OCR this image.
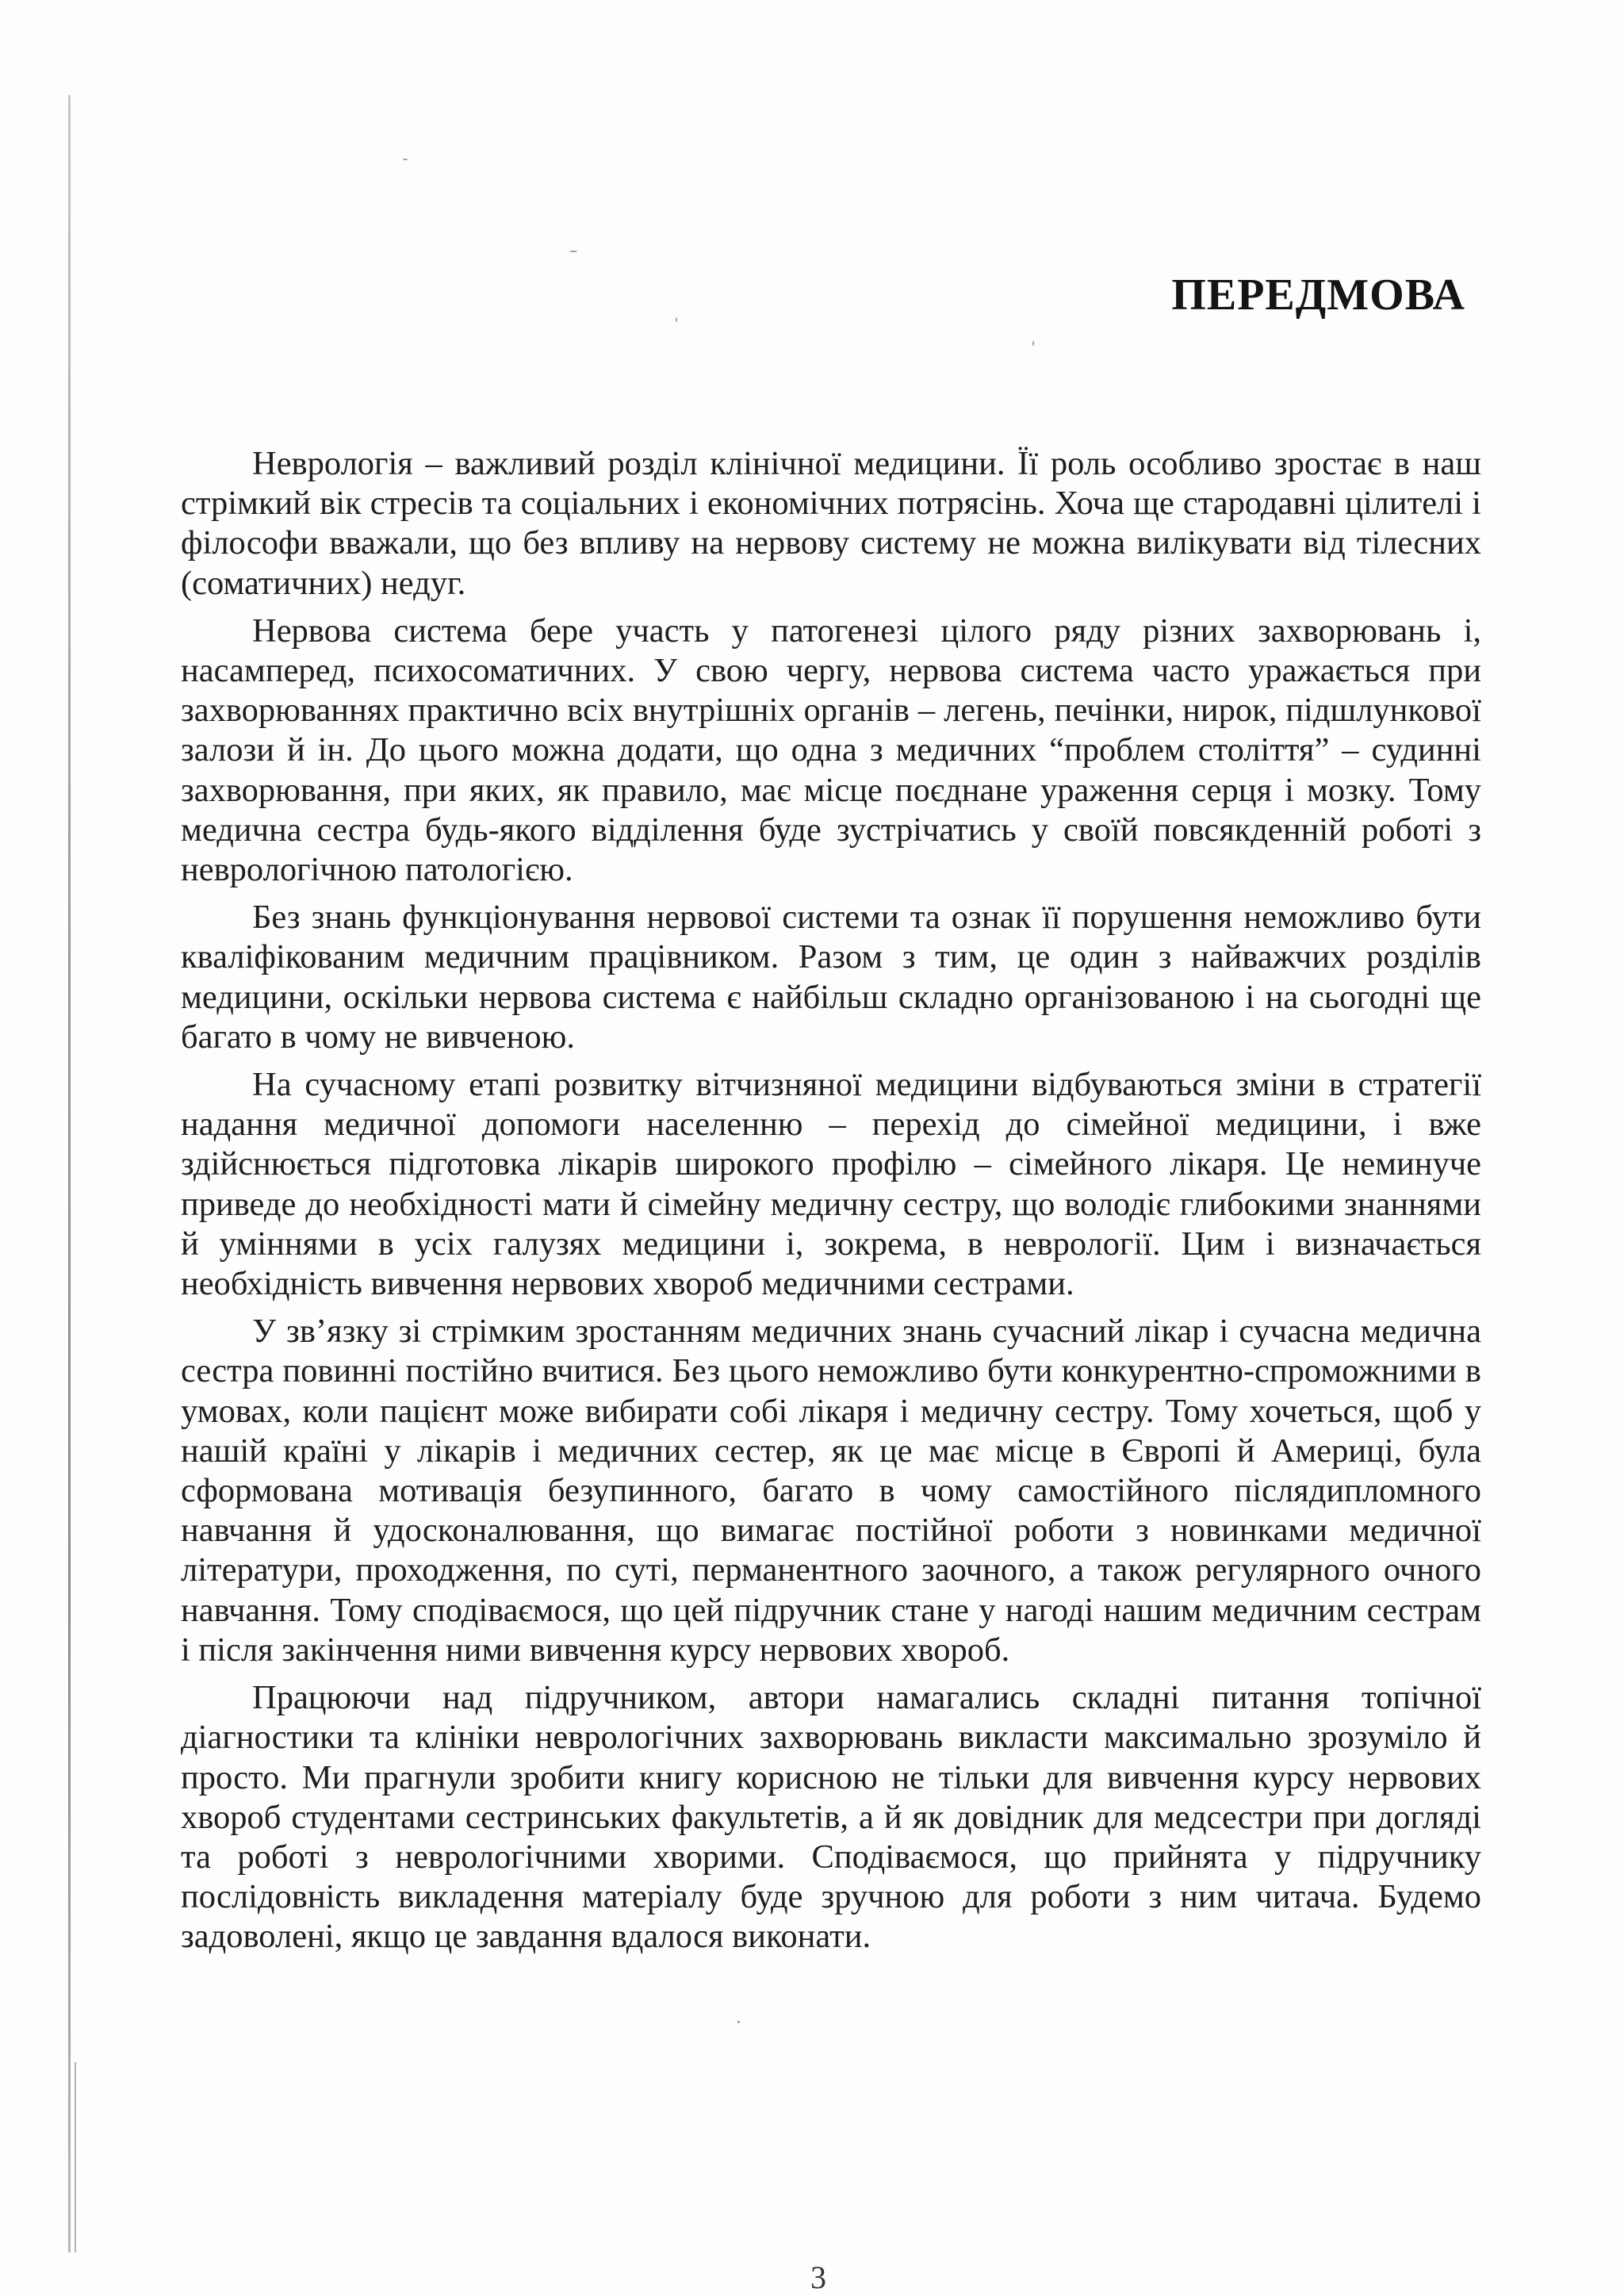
ПЕРЕДМОВА

Неврологія – важливий розділ клінічної медицини. Її роль особливо зростає в наш стрімкий вік стресів та соціальних і економічних потрясінь. Хоча ще стародавні цілителі і філософи вважали, що без впливу на нервову систему не можна вилікувати від тілесних (соматичних) недуг.

Нервова система бере участь у патогенезі цілого ряду різних захворювань і, насамперед, психосоматичних. У свою чергу, нервова система часто уражається при захворюваннях практично всіх внутрішніх органів – легень, печінки, нирок, підшлункової залози й ін. До цього можна додати, що одна з медичних “проблем століття” – судинні захворювання, при яких, як правило, має місце поєднане ураження серця і мозку. Тому медична сестра будь-якого відділення буде зустрічатись у своїй повсякденній роботі з неврологічною патологією.

Без знань функціонування нервової системи та ознак її порушення неможливо бути кваліфікованим медичним працівником. Разом з тим, це один з найважчих розділів медицини, оскільки нервова система є найбільш складно організованою і на сьогодні ще багато в чому не вивченою.

На сучасному етапі розвитку вітчизняної медицини відбуваються зміни в стратегії надання медичної допомоги населенню – перехід до сімейної медицини, і вже здійснюється підготовка лікарів широкого профілю – сімейного лікаря. Це неминуче приведе до необхідності мати й сімейну медичну сестру, що володіє глибокими знаннями й уміннями в усіх галузях медицини і, зокрема, в неврології. Цим і визначається необхідність вивчення нервових хвороб медичними сестрами.

У зв’язку зі стрімким зростанням медичних знань сучасний лікар і сучасна медична сестра повинні постійно вчитися. Без цього неможливо бути конкурентно-спроможними в умовах, коли пацієнт може вибирати собі лікаря і медичну сестру. Тому хочеться, щоб у нашій країні у лікарів і медичних сестер, як це має місце в Європі й Америці, була сформована мотивація безупинного, багато в чому самостійного післядипломного навчання й удосконалювання, що вимагає постійної роботи з новинками медичної літератури, проходження, по суті, перманентного заочного, а також регулярного очного навчання. Тому сподіваємося, що цей підручник стане у нагоді нашим медичним сестрам і після закінчення ними вивчення курсу нервових хвороб.

Працюючи над підручником, автори намагались складні питання топічної діагностики та клініки неврологічних захворювань викласти максимально зрозуміло й просто. Ми прагнули зробити книгу корисною не тільки для вивчення курсу нервових хвороб студентами сестринських факультетів, а й як довідник для медсестри при догляді та роботі з неврологічними хворими. Сподіваємося, що прийнята у підручнику послідовність викладення матеріалу буде зручною для роботи з ним читача. Будемо задоволені, якщо це завдання вдалося виконати.

3
